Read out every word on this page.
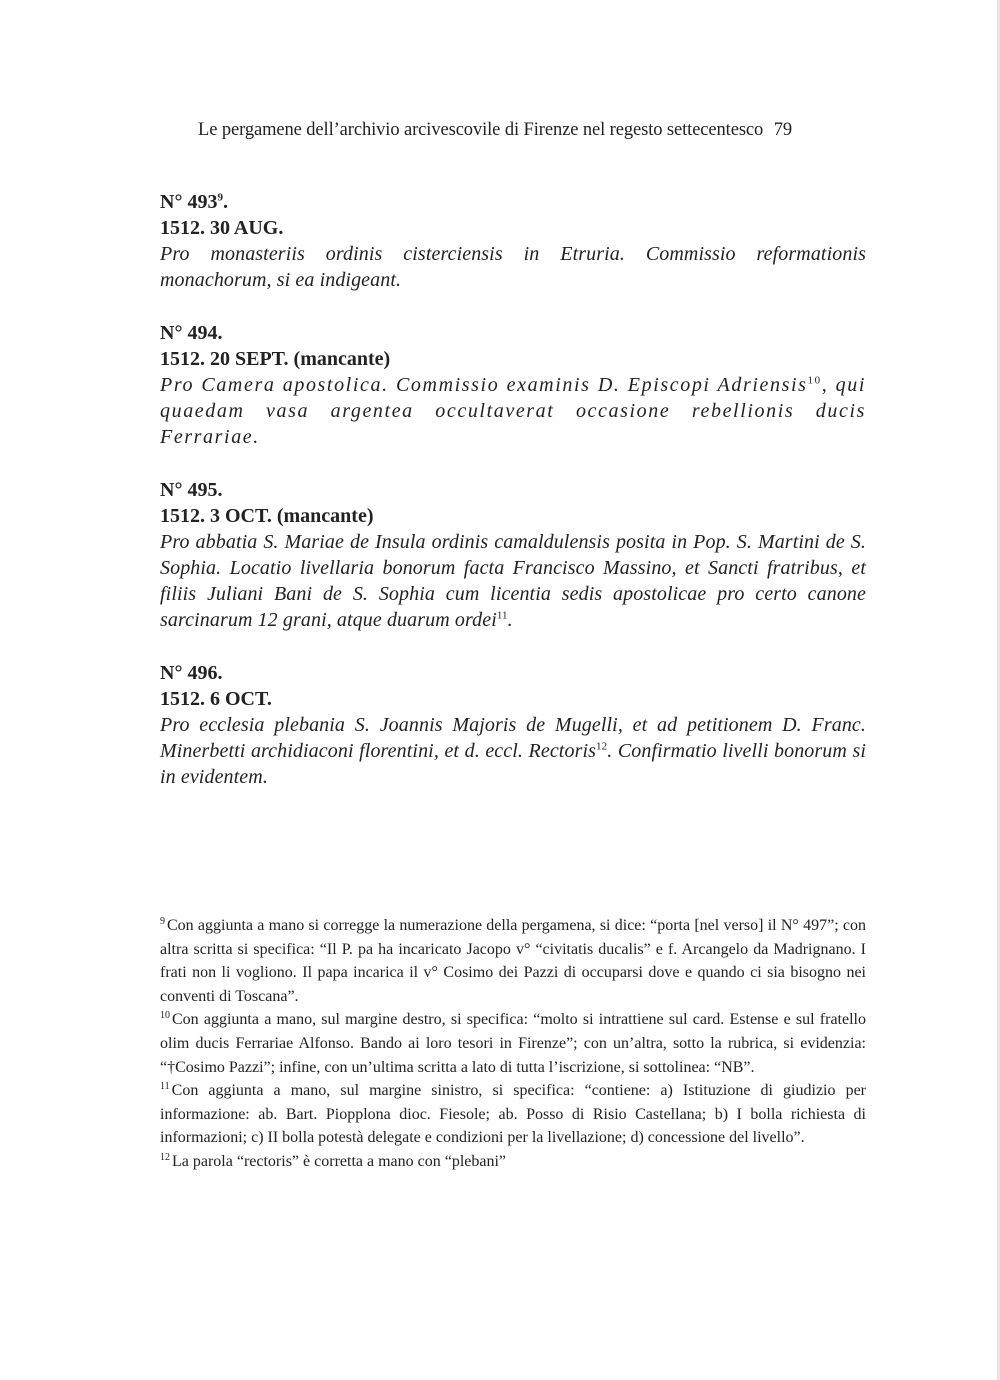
Le pergamene dell’archivio arcivescovile di Firenze nel regesto settecentesco 79
N° $493^9$.
1512. 30 AUG.
Pro monasteriis ordinis cisterciensis in Etruria. Commissio reformationis monachorum, si ea indigeant.
N° 494.
1512. 20 SEPT. (mancante)
Pro Camera apostolica. Commissio examinis D. Episcopi Adriensis$^{10}$, qui quaedam vasa argentea occultaverat occasione rebellionis ducis Ferrariae.
N° 495.
1512. 3 OCT. (mancante)
Pro abbatia S. Mariae de Insula ordinis camaldulensis posita in Pop. S. Martini de S. Sophia. Locatio livellaria bonorum facta Francisco Massino, et Sancti fratribus, et filiis Juliani Bani de S. Sophia cum licentia sedis apostolicae pro certo canone sarcinarum 12 grani, atque duarum ordei$^{11}$.
N° 496.
1512. 6 OCT.
Pro ecclesia plebania S. Joannis Majoris de Mugelli, et ad petitionem D. Franc. Minerbetti archidiaconi florentini, et d. eccl. Rectoris$^{12}$. Confirmatio livelli bonorum si in evidentem.

$^9$ Con aggiunta a mano si corregge la numerazione della pergamena, si dice: “porta [nel verso] il N° 497”; con altra scritta si specifica: “Il P. pa ha incaricato Jacopo v° “civitatis ducalis” e f. Arcangelo da Madrignano. I frati non li vogliono. Il papa incarica il v° Cosimo dei Pazzi di occuparsi dove e quando ci sia bisogno nei conventi di Toscana”.

$^{10}$ Con aggiunta a mano, sul margine destro, si specifica: “molto si intrattiene sul card. Estense e sul fratello olim ducis Ferrariae Alfonso. Bando ai loro tesori in Firenze”; con un’altra, sotto la rubrica, si evidenzia: “†Cosimo Pazzi”; infine, con un’ultima scritta a lato di tutta l’iscrizione, si sottolinea: “NB”.

$^{11}$ Con aggiunta a mano, sul margine sinistro, si specifica: “contiene: a) Istituzione di giudizio per informazione: ab. Bart. Piopplona dioc. Fiesole; ab. Posso di Risio Castellana; b) I bolla richiesta di informazioni; c) II bolla potestà delegate e condizioni per la livellazione; d) concessione del livello”.

$^{12}$ La parola “rectoris” è corretta a mano con “plebani”
